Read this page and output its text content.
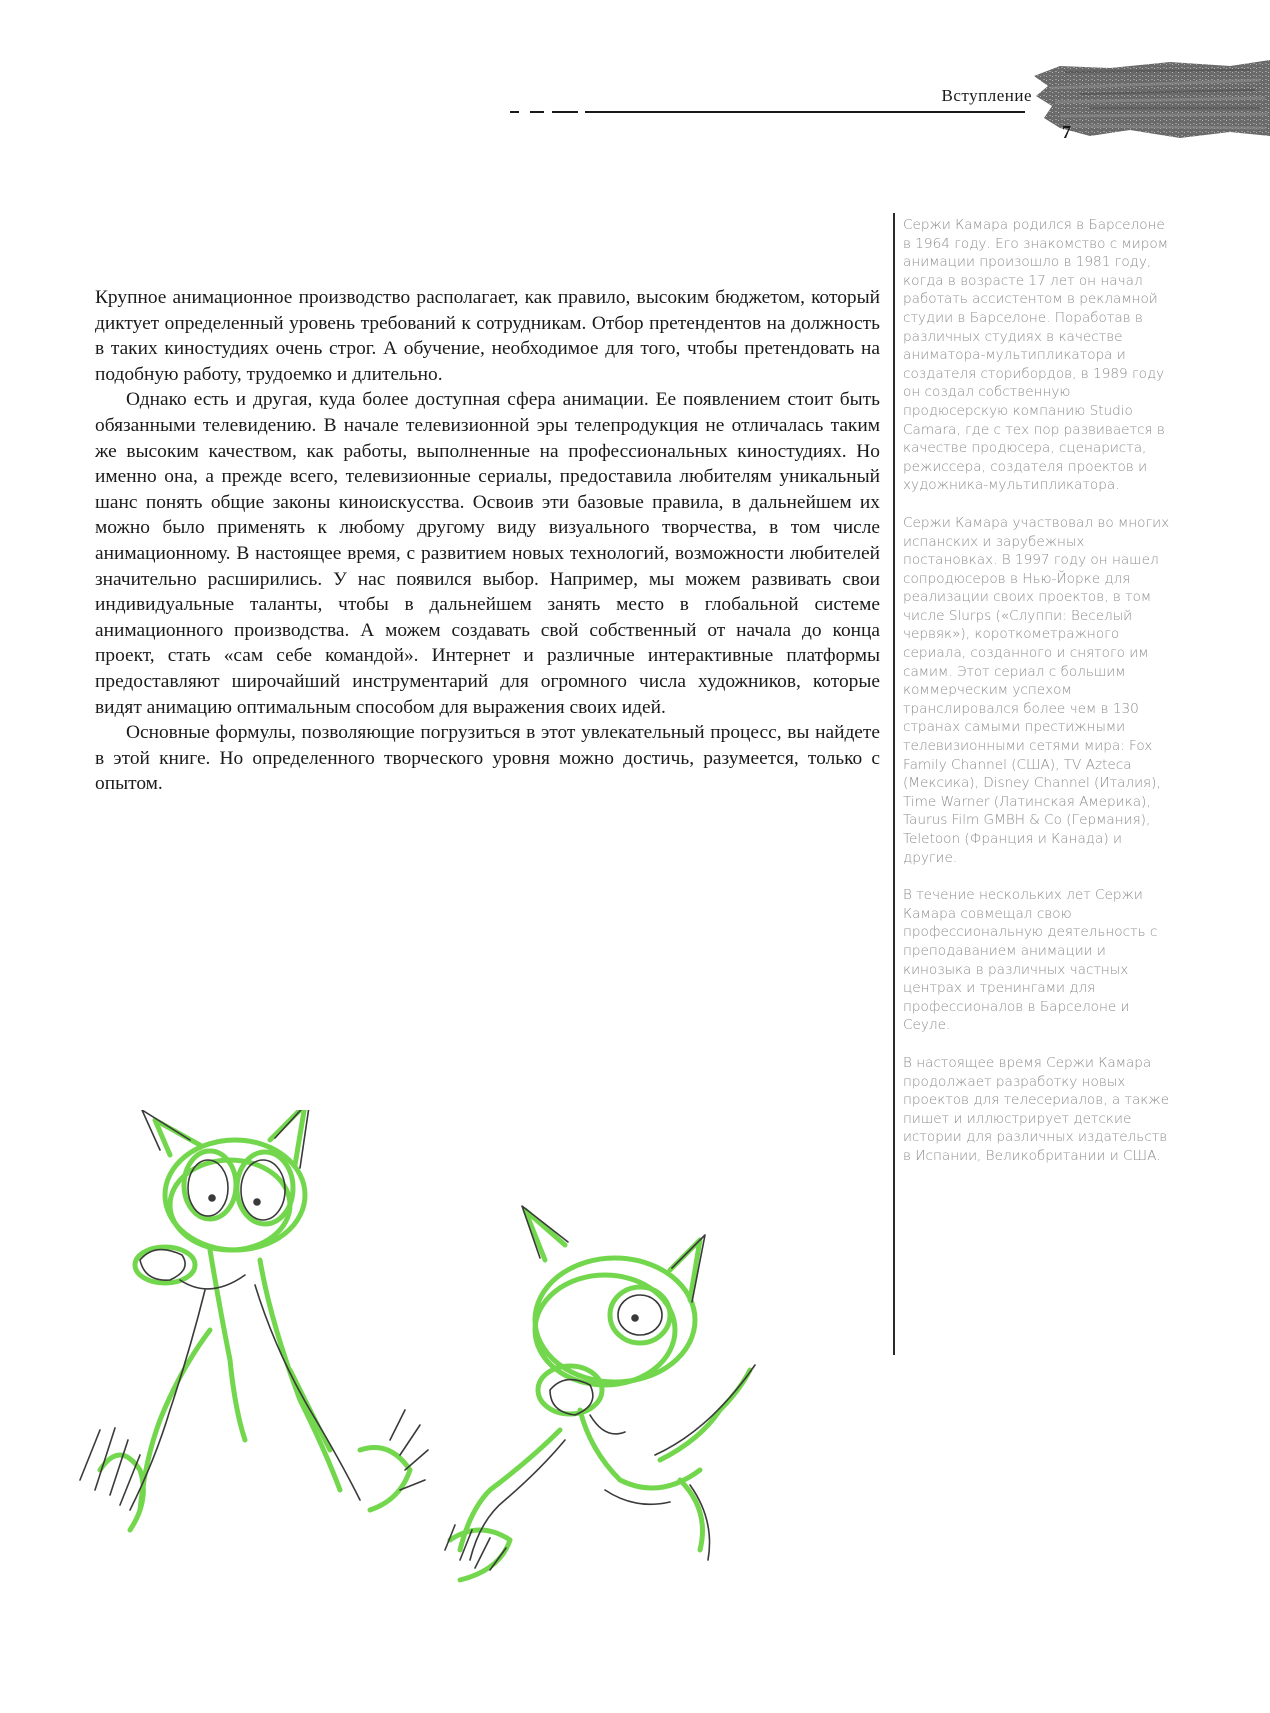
Вступление
7

Крупное анимационное производство располагает, как правило, высоким бюджетом, который диктует определенный уровень требований к сотрудникам. Отбор претендентов на должность в таких киностудиях очень строг. А обучение, необходимое для того, чтобы претендовать на подобную работу, трудоемко и длительно.

Однако есть и другая, куда более доступная сфера анимации. Ее появлением стоит быть обязанными телевидению. В начале телевизионной эры телепродукция не отличалась таким же высоким качеством, как работы, выполненные на профессиональных киностудиях. Но именно она, а прежде всего, телевизионные сериалы, предоставила любителям уникальный шанс понять общие законы киноискусства. Освоив эти базовые правила, в дальнейшем их можно было применять к любому другому виду визуального творчества, в том числе анимационному. В настоящее время, с развитием новых технологий, возможности любителей значительно расширились. У нас появился выбор. Например, мы можем развивать свои индивидуальные таланты, чтобы в дальнейшем занять место в глобальной системе анимационного производства. А можем создавать свой собственный от начала до конца проект, стать «сам себе командой». Интернет и различные интерактивные платформы предоставляют широчайший инструментарий для огромного числа художников, которые видят анимацию оптимальным способом для выражения своих идей.

Основные формулы, позволяющие погрузиться в этот увлекательный процесс, вы найдете в этой книге. Но определенного творческого уровня можно достичь, разумеется, только с опытом.

Сержи Камара родился в Барселоне в 1964 году. Его знакомство с миром анимации произошло в 1981 году, когда в возрасте 17 лет он начал работать ассистентом в рекламной студии в Барселоне. Поработав в различных студиях в качестве аниматора-мультипликатора и создателя сторибордов, в 1989 году он создал собственную продюсерскую компанию Studio Camara, где с тех пор развивается в качестве продюсера, сценариста, режиссера, создателя проектов и художника-мультипликатора.

Сержи Камара участвовал во многих испанских и зарубежных постановках. В 1997 году он нашел сопродюсеров в Нью-Йорке для реализации своих проектов, в том числе Slurps («Слуппи: Веселый червяк»), короткометражного сериала, созданного и снятого им самим. Этот сериал с большим коммерческим успехом транслировался более чем в 130 странах самыми престижными телевизионными сетями мира: Fox Family Channel (США), TV Azteca (Мексика), Disney Channel (Италия), Time Warner (Латинская Америка), Taurus Film GMBH & Co (Германия), Teletoon (Франция и Канада) и другие.

В течение нескольких лет Сержи Камара совмещал свою профессиональную деятельность с преподаванием анимации и кинозыка в различных частных центрах и тренингами для профессионалов в Барселоне и Сеуле.

В настоящее время Сержи Камара продолжает разработку новых проектов для телесериалов, а также пишет и иллюстрирует детские истории для различных издательств в Испании, Великобритании и США.
